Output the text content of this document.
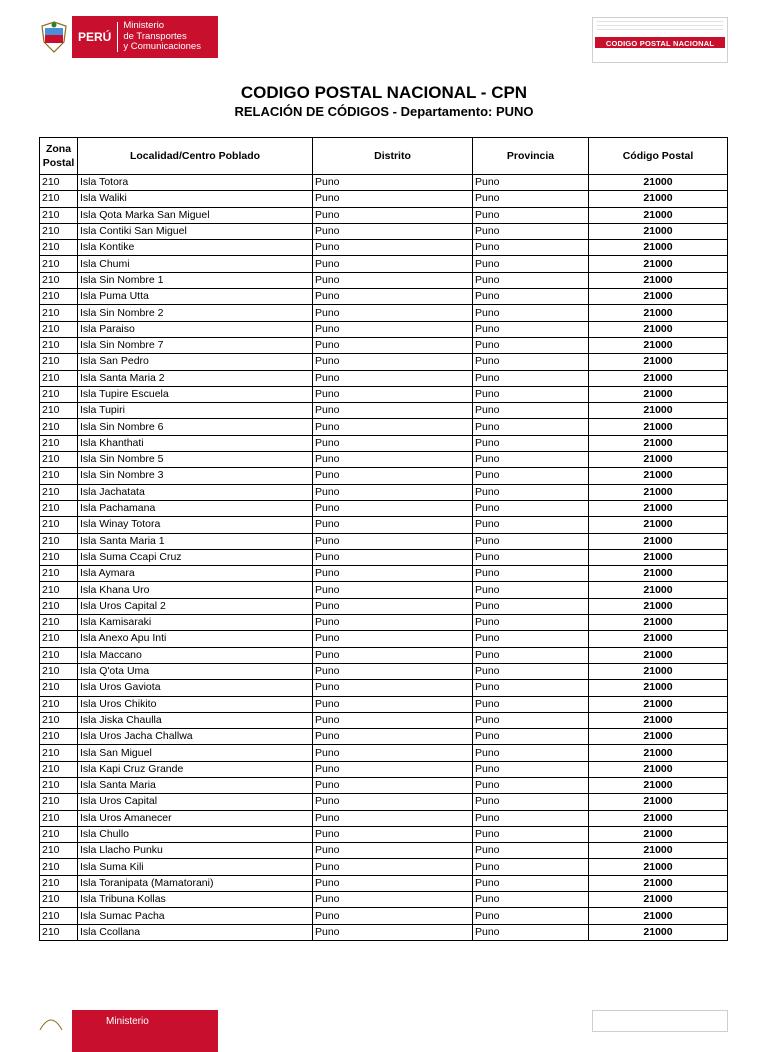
PERÚ
Ministerio
de Transportes
y Comunicaciones	CODIGO POSTAL NACIONAL
CODIGO POSTAL NACIONAL - CPN
RELACIÓN DE CÓDIGOS - Departamento: PUNO
Zona Postal	Localidad/Centro Poblado	Distrito	Provincia	Código Postal
210	Isla Totora	Puno	Puno	21000
210	Isla Waliki	Puno	Puno	21000
210	Isla Qota Marka San Miguel	Puno	Puno	21000
210	Isla Contiki San Miguel	Puno	Puno	21000
210	Isla Kontike	Puno	Puno	21000
210	Isla Chumi	Puno	Puno	21000
210	Isla Sin Nombre 1	Puno	Puno	21000
210	Isla Puma Utta	Puno	Puno	21000
210	Isla Sin Nombre 2	Puno	Puno	21000
210	Isla Paraiso	Puno	Puno	21000
210	Isla Sin Nombre 7	Puno	Puno	21000
210	Isla San Pedro	Puno	Puno	21000
210	Isla Santa Maria 2	Puno	Puno	21000
210	Isla Tupire Escuela	Puno	Puno	21000
210	Isla Tupiri	Puno	Puno	21000
210	Isla Sin Nombre 6	Puno	Puno	21000
210	Isla Khanthati	Puno	Puno	21000
210	Isla Sin Nombre 5	Puno	Puno	21000
210	Isla Sin Nombre 3	Puno	Puno	21000
210	Isla Jachatata	Puno	Puno	21000
210	Isla Pachamana	Puno	Puno	21000
210	Isla Winay Totora	Puno	Puno	21000
210	Isla Santa Maria 1	Puno	Puno	21000
210	Isla Suma Ccapi Cruz	Puno	Puno	21000
210	Isla Aymara	Puno	Puno	21000
210	Isla Khana Uro	Puno	Puno	21000
210	Isla Uros Capital 2	Puno	Puno	21000
210	Isla Kamisaraki	Puno	Puno	21000
210	Isla Anexo Apu Inti	Puno	Puno	21000
210	Isla Maccano	Puno	Puno	21000
210	Isla Q'ota Uma	Puno	Puno	21000
210	Isla Uros Gaviota	Puno	Puno	21000
210	Isla Uros Chikito	Puno	Puno	21000
210	Isla Jiska Chaulla	Puno	Puno	21000
210	Isla Uros Jacha Challwa	Puno	Puno	21000
210	Isla San Miguel	Puno	Puno	21000
210	Isla Kapi Cruz Grande	Puno	Puno	21000
210	Isla Santa Maria	Puno	Puno	21000
210	Isla Uros Capital	Puno	Puno	21000
210	Isla Uros Amanecer	Puno	Puno	21000
210	Isla Chullo	Puno	Puno	21000
210	Isla Llacho Punku	Puno	Puno	21000
210	Isla Suma Kili	Puno	Puno	21000
210	Isla Toranipata (Mamatorani)	Puno	Puno	21000
210	Isla Tribuna Kollas	Puno	Puno	21000
210	Isla Sumac Pacha	Puno	Puno	21000
210	Isla Ccollana	Puno	Puno	21000
Ministerio
